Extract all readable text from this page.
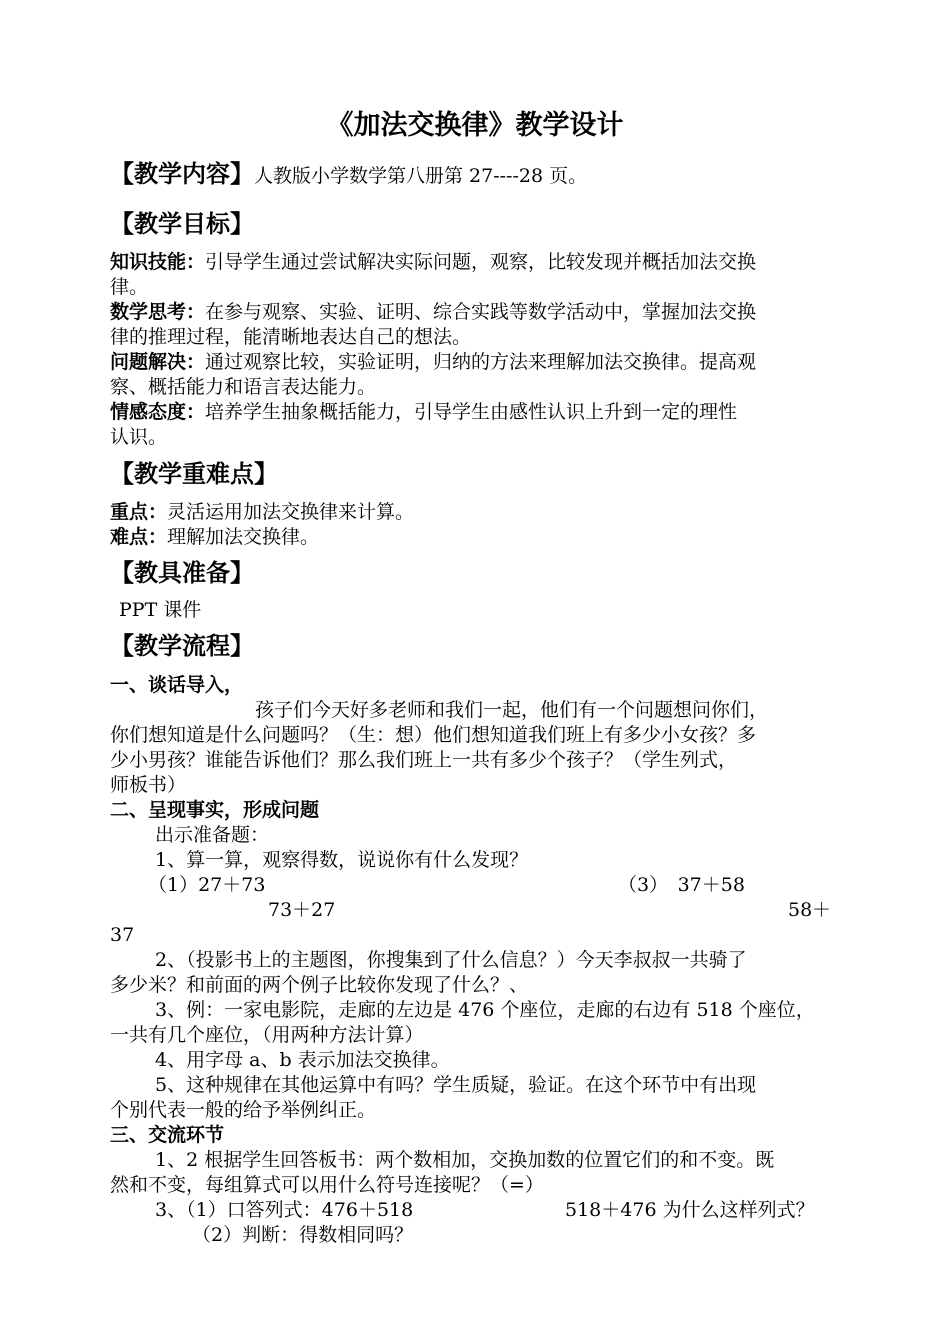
《加法交换律》教学设计
【教学内容】人教版小学数学第八册第 27----28 页。
【教学目标】
知识技能：引导学生通过尝试解决实际问题，观察，比较发现并概括加法交换
律。
数学思考：在参与观察、实验、证明、综合实践等数学活动中，掌握加法交换
律的推理过程，能清晰地表达自己的想法。
问题解决：通过观察比较，实验证明，归纳的方法来理解加法交换律。提高观
察、概括能力和语言表达能力。
情感态度：培养学生抽象概括能力，引导学生由感性认识上升到一定的理性
认识。
【教学重难点】
重点：灵活运用加法交换律来计算。
难点：理解加法交换律。
【教具准备】
PPT 课件
【教学流程】
一、谈话导入，
孩子们今天好多老师和我们一起，他们有一个问题想问你们，
你们想知道是什么问题吗？（生：想）他们想知道我们班上有多少小女孩？多
少小男孩？谁能告诉他们？那么我们班上一共有多少个孩子？（学生列式，
师板书）
二、呈现事实，形成问题
出示准备题：
1、算一算，观察得数，说说你有什么发现？
（1）27＋73	（3）　37＋58
73＋27	58＋
37
2、（投影书上的主题图，你搜集到了什么信息？）今天李叔叔一共骑了
多少米？和前面的两个例子比较你发现了什么？、
3、例：一家电影院，走廊的左边是 476 个座位，走廊的右边有 518 个座位，
一共有几个座位，（用两种方法计算）
4、用字母 a、b 表示加法交换律。
5、这种规律在其他运算中有吗？学生质疑，验证。在这个环节中有出现
个别代表一般的给予举例纠正。
三、交流环节
1、2 根据学生回答板书：两个数相加，交换加数的位置它们的和不变。既
然和不变，每组算式可以用什么符号连接呢？（=）
3、（1）口答列式：476＋518	518＋476 为什么这样列式？
（2）判断：得数相同吗？
